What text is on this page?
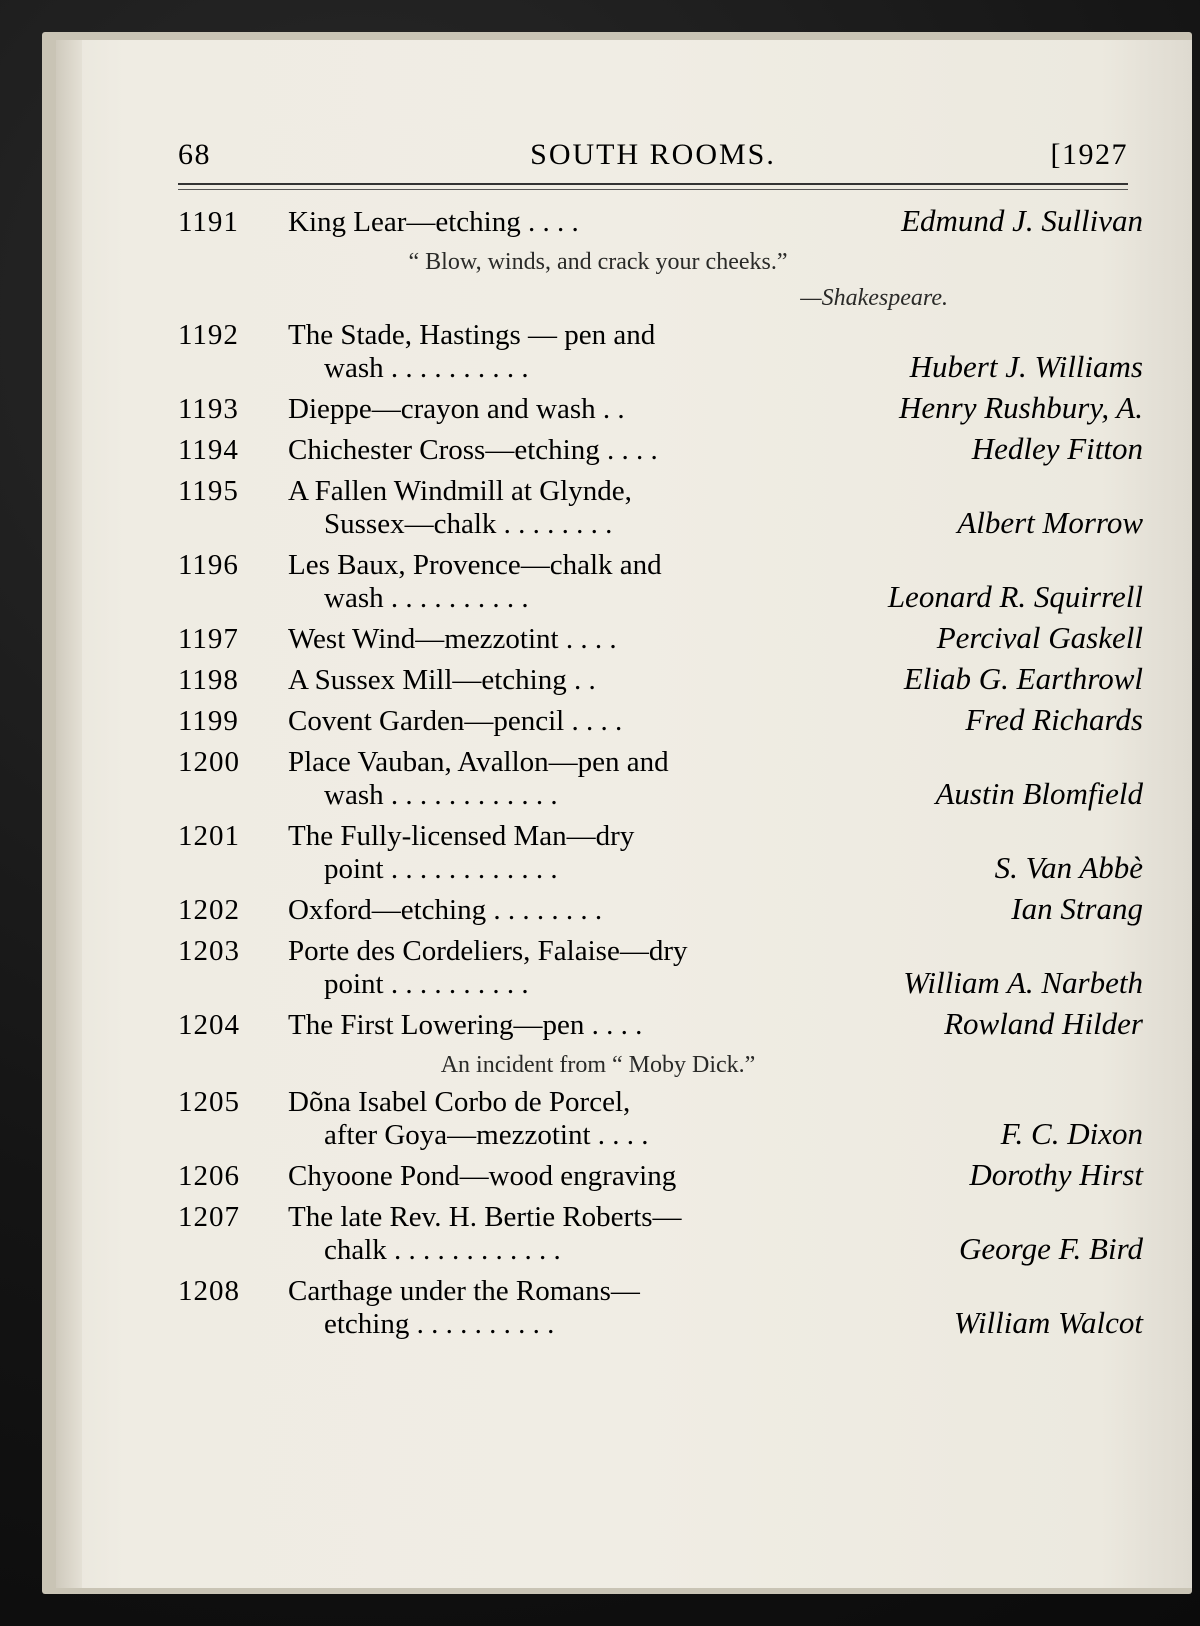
68	SOUTH ROOMS.	[1927
1191	King Lear—etching . . . .	Edmund J. Sullivan
“ Blow, winds, and crack your cheeks.”
—Shakespeare.
1192	The Stade, Hastings — pen and
wash . . . . . . . . . .	Hubert J. Williams
1193	Dieppe—crayon and wash . .	Henry Rushbury, A.
1194	Chichester Cross—etching . . . .	Hedley Fitton
1195	A Fallen Windmill at Glynde,
Sussex—chalk . . . . . . . .	Albert Morrow
1196	Les Baux, Provence—chalk and
wash . . . . . . . . . .	Leonard R. Squirrell
1197	West Wind—mezzotint . . . .	Percival Gaskell
1198	A Sussex Mill—etching . .	Eliab G. Earthrowl
1199	Covent Garden—pencil . . . .	Fred Richards
1200	Place Vauban, Avallon—pen and
wash . . . . . . . . . . . .	Austin Blomfield
1201	The Fully-licensed Man—dry
point . . . . . . . . . . . .	S. Van Abbè
1202	Oxford—etching . . . . . . . .	Ian Strang
1203	Porte des Cordeliers, Falaise—dry
point . . . . . . . . . .	William A. Narbeth
1204	The First Lowering—pen . . . .	Rowland Hilder
An incident from “ Moby Dick.”
1205	Dõna Isabel Corbo de Porcel,
after Goya—mezzotint . . . .	F. C. Dixon
1206	Chyoone Pond—wood engraving	Dorothy Hirst
1207	The late Rev. H. Bertie Roberts—
chalk . . . . . . . . . . . .	George F. Bird
1208	Carthage under the Romans—
etching . . . . . . . . . .	William Walcot
